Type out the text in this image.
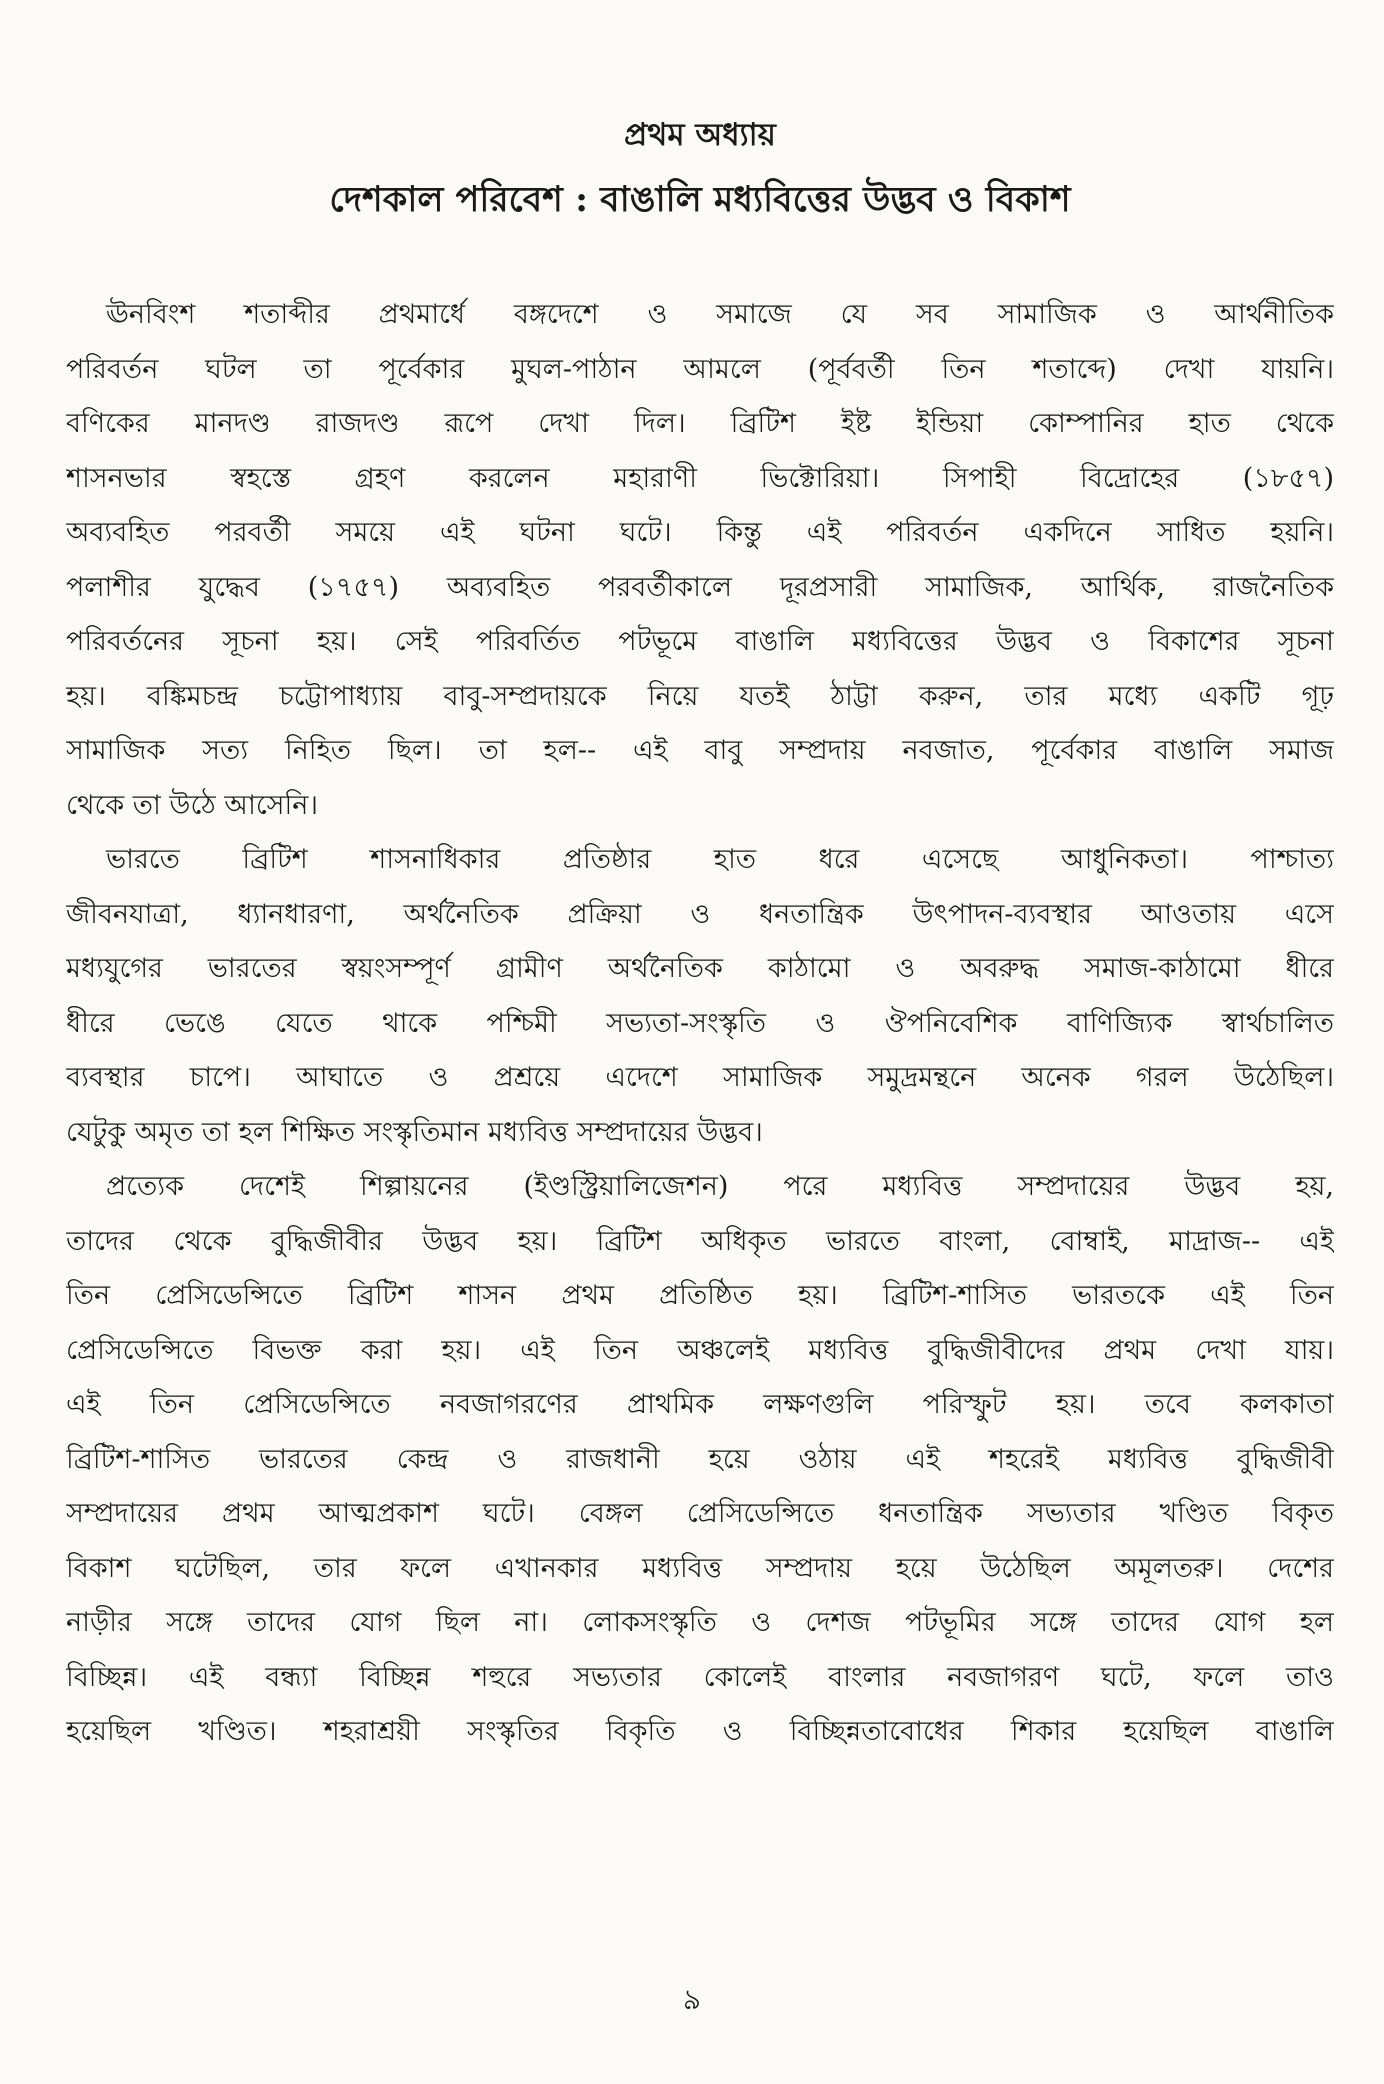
প্রথম অধ্যায়
দেশকাল পরিবেশ : বাঙালি মধ্যবিত্তের উদ্ভব ও বিকাশ
ঊনবিংশ শতাব্দীর প্রথমার্ধে বঙ্গদেশে ও সমাজে যে সব সামাজিক ও আর্থনীতিক
পরিবর্তন ঘটল তা পূর্বেকার মুঘল-পাঠান আমলে (পূর্ববর্তী তিন শতাব্দে) দেখা যায়নি।
বণিকের মানদণ্ড রাজদণ্ড রূপে দেখা দিল। ব্রিটিশ ইষ্ট ইন্ডিয়া কোম্পানির হাত থেকে
শাসনভার স্বহস্তে গ্রহণ করলেন মহারাণী ভিক্টোরিয়া। সিপাহী বিদ্রোহের (১৮৫৭)
অব্যবহিত পরবর্তী সময়ে এই ঘটনা ঘটে। কিন্তু এই পরিবর্তন একদিনে সাধিত হয়নি।
পলাশীর যুদ্ধেব (১৭৫৭) অব্যবহিত পরবর্তীকালে দূরপ্রসারী সামাজিক, আর্থিক, রাজনৈতিক
পরিবর্তনের সূচনা হয়। সেই পরিবর্তিত পটভূমে বাঙালি মধ্যবিত্তের উদ্ভব ও বিকাশের সূচনা
হয়। বঙ্কিমচন্দ্র চট্টোপাধ্যায় বাবু-সম্প্রদায়কে নিয়ে যতই ঠাট্টা করুন, তার মধ্যে একটি গূঢ়
সামাজিক সত্য নিহিত ছিল। তা হল-- এই বাবু সম্প্রদায় নবজাত, পূর্বেকার বাঙালি সমাজ
থেকে তা উঠে আসেনি।
ভারতে ব্রিটিশ শাসনাধিকার প্রতিষ্ঠার হাত ধরে এসেছে আধুনিকতা। পাশ্চাত্য
জীবনযাত্রা, ধ্যানধারণা, অর্থনৈতিক প্রক্রিয়া ও ধনতান্ত্রিক উৎপাদন-ব্যবস্থার আওতায় এসে
মধ্যযুগের ভারতের স্বয়ংসম্পূর্ণ গ্রামীণ অর্থনৈতিক কাঠামো ও অবরুদ্ধ সমাজ-কাঠামো ধীরে
ধীরে ভেঙে যেতে থাকে পশ্চিমী সভ্যতা-সংস্কৃতি ও ঔপনিবেশিক বাণিজ্যিক স্বার্থচালিত
ব্যবস্থার চাপে। আঘাতে ও প্রশ্রয়ে এদেশে সামাজিক সমুদ্রমন্থনে অনেক গরল উঠেছিল।
যেটুকু অমৃত তা হল শিক্ষিত সংস্কৃতিমান মধ্যবিত্ত সম্প্রদায়ের উদ্ভব।
প্রত্যেক দেশেই শিল্পায়নের (ইণ্ডস্ট্রিয়ালিজেশন) পরে মধ্যবিত্ত সম্প্রদায়ের উদ্ভব হয়,
তাদের থেকে বুদ্ধিজীবীর উদ্ভব হয়। ব্রিটিশ অধিকৃত ভারতে বাংলা, বোম্বাই, মাদ্রাজ-- এই
তিন প্রেসিডেন্সিতে ব্রিটিশ শাসন প্রথম প্রতিষ্ঠিত হয়। ব্রিটিশ-শাসিত ভারতকে এই তিন
প্রেসিডেন্সিতে বিভক্ত করা হয়। এই তিন অঞ্চলেই মধ্যবিত্ত বুদ্ধিজীবীদের প্রথম দেখা যায়।
এই তিন প্রেসিডেন্সিতে নবজাগরণের প্রাথমিক লক্ষণগুলি পরিস্ফুট হয়। তবে কলকাতা
ব্রিটিশ-শাসিত ভারতের কেন্দ্র ও রাজধানী হয়ে ওঠায় এই শহরেই মধ্যবিত্ত বুদ্ধিজীবী
সম্প্রদায়ের প্রথম আত্মপ্রকাশ ঘটে। বেঙ্গল প্রেসিডেন্সিতে ধনতান্ত্রিক সভ্যতার খণ্ডিত বিকৃত
বিকাশ ঘটেছিল, তার ফলে এখানকার মধ্যবিত্ত সম্প্রদায় হয়ে উঠেছিল অমূলতরু। দেশের
নাড়ীর সঙ্গে তাদের যোগ ছিল না। লোকসংস্কৃতি ও দেশজ পটভূমির সঙ্গে তাদের যোগ হল
বিচ্ছিন্ন। এই বন্ধ্যা বিচ্ছিন্ন শহুরে সভ্যতার কোলেই বাংলার নবজাগরণ ঘটে, ফলে তাও
হয়েছিল খণ্ডিত। শহরাশ্রয়ী সংস্কৃতির বিকৃতি ও বিচ্ছিন্নতাবোধের শিকার হয়েছিল বাঙালি
৯
